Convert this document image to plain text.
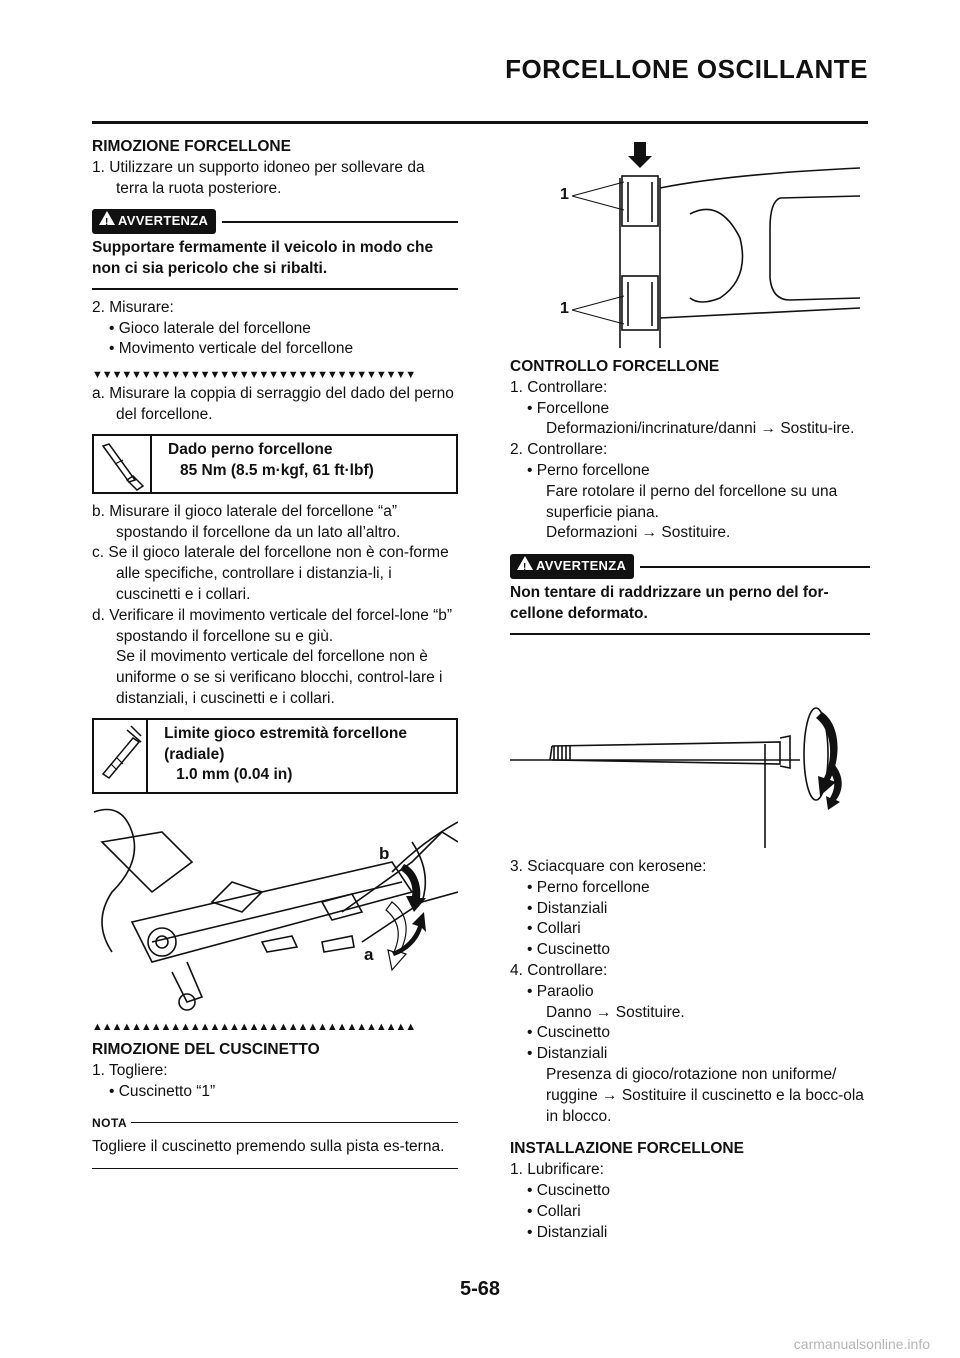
FORCELLONE OSCILLANTE
RIMOZIONE FORCELLONE
1. Utilizzare un supporto idoneo per sollevare da terra la ruota posteriore.
!
AVVERTENZA
Supportare fermamente il veicolo in modo che non ci sia pericolo che si ribalti.
2. Misurare:
• Gioco laterale del forcellone
• Movimento verticale del forcellone
▼▼▼▼▼▼▼▼▼▼▼▼▼▼▼▼▼▼▼▼▼▼▼▼▼▼▼▼▼▼▼▼▼
a. Misurare la coppia di serraggio del dado del perno del forcellone.
Dado perno forcellone
85 Nm (8.5 m·kgf, 61 ft·lbf)
b. Misurare il gioco laterale del forcellone “a” spostando il forcellone da un lato all’altro.
c. Se il gioco laterale del forcellone non è con-forme alle specifiche, controllare i distanzia-li, i cuscinetti e i collari.
d. Verificare il movimento verticale del forcel-lone “b” spostando il forcellone su e giù.
Se il movimento verticale del forcellone non è uniforme o se si verificano blocchi, control-lare i distanziali, i cuscinetti e i collari.
Limite gioco estremità forcellone (radiale)
1.0 mm (0.04 in)
b
a
▲▲▲▲▲▲▲▲▲▲▲▲▲▲▲▲▲▲▲▲▲▲▲▲▲▲▲▲▲▲▲▲▲
RIMOZIONE DEL CUSCINETTO
1. Togliere:
• Cuscinetto “1”
NOTA
Togliere il cuscinetto premendo sulla pista es-terna.
1
1
CONTROLLO FORCELLONE
1. Controllare:
• Forcellone
Deformazioni/incrinature/danni → Sostitu-ire.
2. Controllare:
• Perno forcellone
Fare rotolare il perno del forcellone su una superficie piana.
Deformazioni → Sostituire.
!
AVVERTENZA
Non tentare di raddrizzare un perno del for-cellone deformato.
3. Sciacquare con kerosene:
• Perno forcellone
• Distanziali
• Collari
• Cuscinetto
4. Controllare:
• Paraolio
Danno → Sostituire.
• Cuscinetto
• Distanziali
Presenza di gioco/rotazione non uniforme/ ruggine → Sostituire il cuscinetto e la bocc-ola in blocco.
INSTALLAZIONE FORCELLONE
1. Lubrificare:
• Cuscinetto
• Collari
• Distanziali
5-68
carmanualsonline.info
